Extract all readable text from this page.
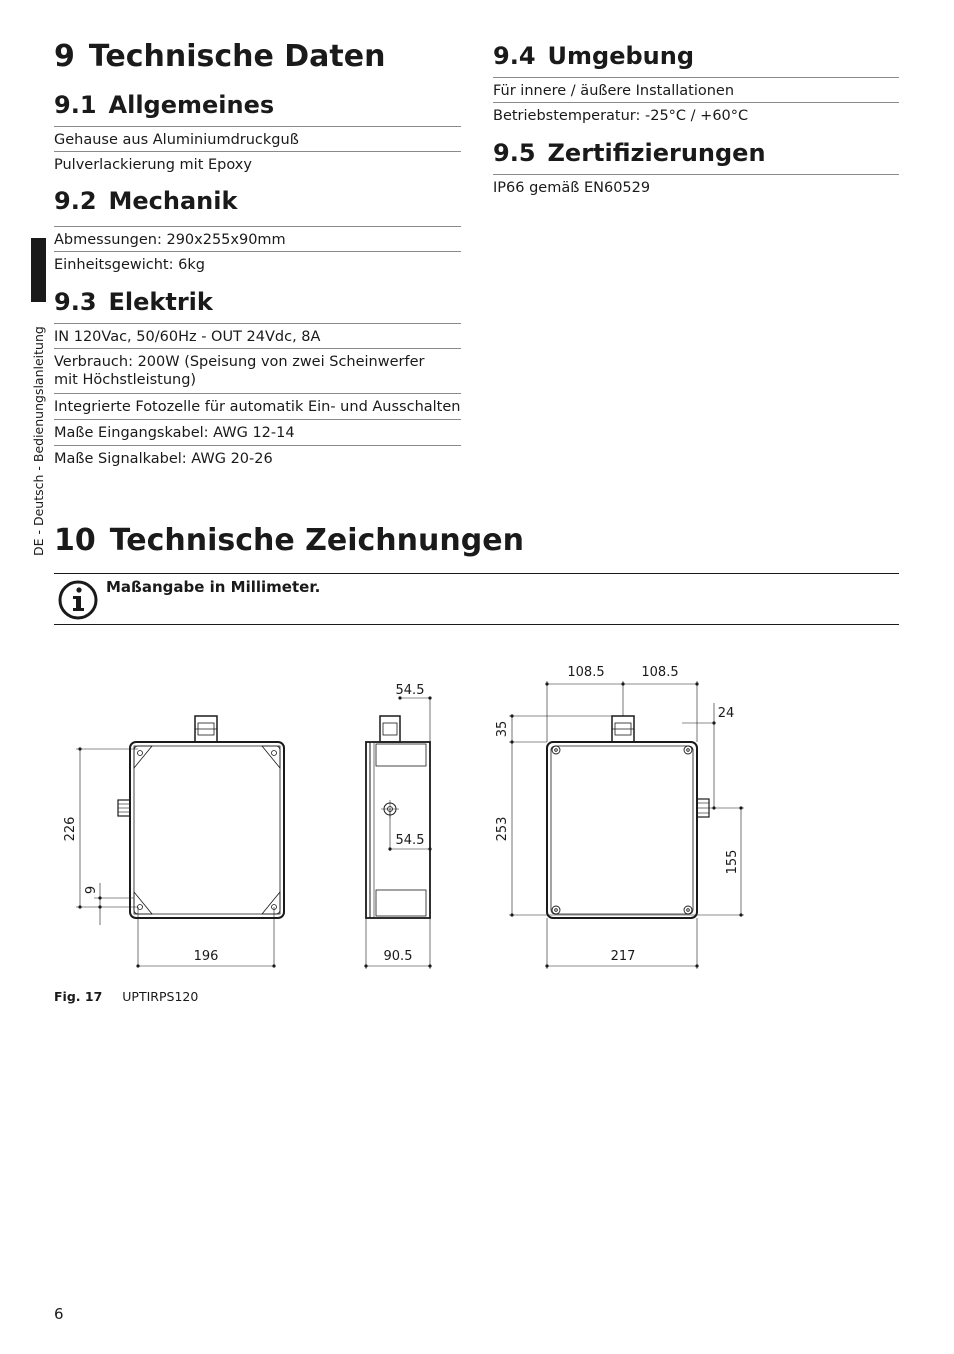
DE - Deutsch - Bedienungslanleitung
9 Technische Daten
9.1 Allgemeines
Gehause aus Aluminiumdruckguß
Pulverlackierung mit Epoxy
9.2 Mechanik
Abmessungen: 290x255x90mm
Einheitsgewicht: 6kg
9.3 Elektrik
IN 120Vac, 50/60Hz - OUT 24Vdc, 8A
Verbrauch: 200W (Speisung von zwei Scheinwerfer mit Höchstleistung)
Integrierte Fotozelle für automatik Ein- und Ausschalten
Maße Eingangskabel: AWG 12-14
Maße Signalkabel: AWG 20-26
9.4 Umgebung
Für innere / äußere Installationen
Betriebstemperatur: -25°C / +60°C
9.5 Zertifizierungen
IP66 gemäß EN60529
10 Technische Zeichnungen
Maßangabe in Millimeter.
226
9
196
54.5
54.5
90.5
108.5	108.5
24
35
253
155
217
Fig. 17 UPTIRPS120
6
